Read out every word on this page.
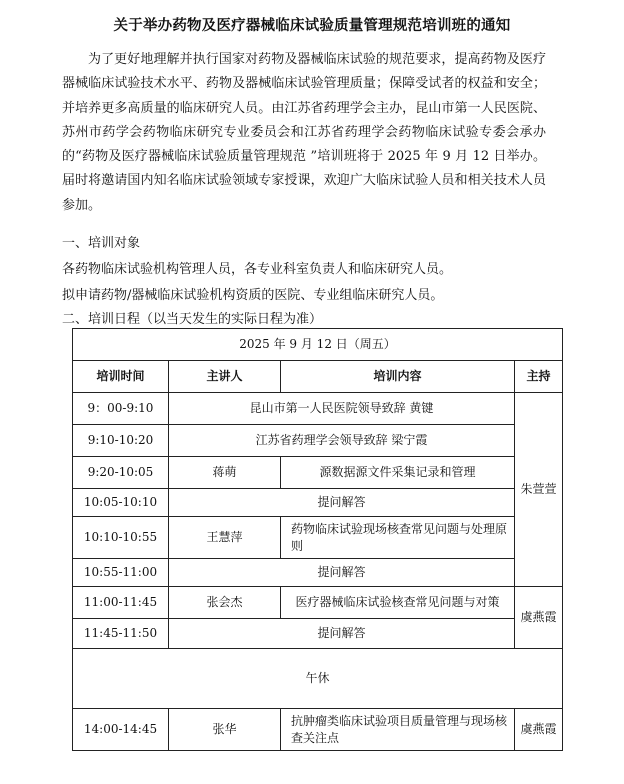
关于举办药物及医疗器械临床试验质量管理规范培训班的通知
为了更好地理解并执行国家对药物及器械临床试验的规范要求，提高药物及医疗器械临床试验技术水平、药物及器械临床试验管理质量；保障受试者的权益和安全；并培养更多高质量的临床研究人员。由江苏省药理学会主办，昆山市第一人民医院、苏州市药学会药物临床研究专业委员会和江苏省药理学会药物临床试验专委会承办的“药物及医疗器械临床试验质量管理规范 ”培训班将于 2025 年 9 月 12 日举办。届时将邀请国内知名临床试验领域专家授课，欢迎广大临床试验人员和相关技术人员参加。
一、培训对象
各药物临床试验机构管理人员，各专业科室负责人和临床研究人员。
拟申请药物/器械临床试验机构资质的医院、专业组临床研究人员。
二、培训日程（以当天发生的实际日程为准）
2025 年 9 月 12 日（周五）			
培训时间	主讲人	培训内容	主持
9：00-9:10	昆山市第一人民医院领导致辞 黄键		朱萱萱
9:10-10:20	江苏省药理学会领导致辞 梁宁霞		
9:20-10:05	蒋萌	源数据源文件采集记录和管理	
10:05-10:10	提问解答		
10:10-10:55	王慧萍	药物临床试验现场核查常见问题与处理原则	
10:55-11:00	提问解答		
11:00-11:45	张会杰	医疗器械临床试验核查常见问题与对策	虞燕霞
11:45-11:50	提问解答		
午休			
14:00-14:45	张华	抗肿瘤类临床试验项目质量管理与现场核查关注点	虞燕霞
